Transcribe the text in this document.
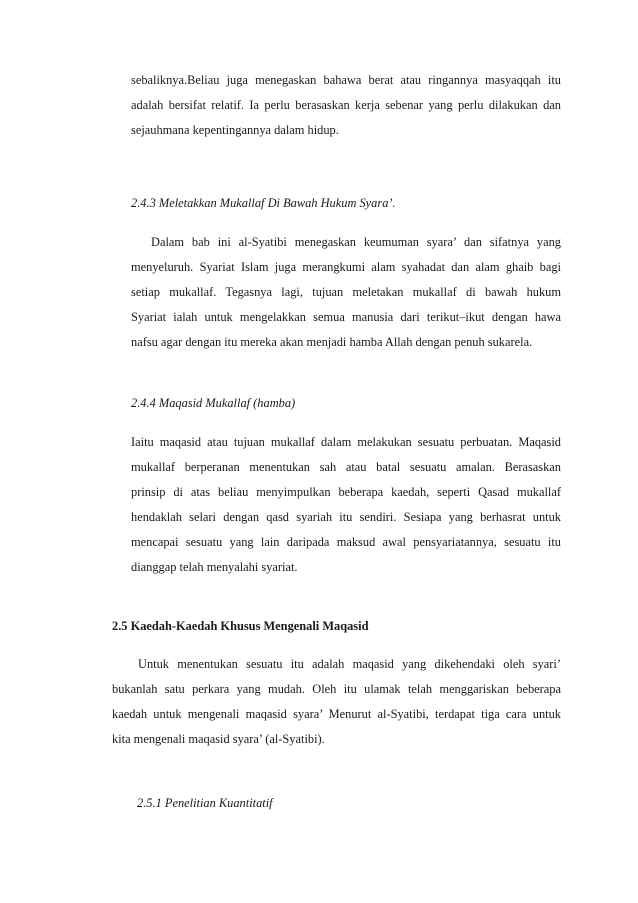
sebaliknya.Beliau juga menegaskan bahawa berat atau ringannya masyaqqah itu
adalah bersifat relatif. Ia perlu berasaskan kerja sebenar yang perlu dilakukan dan
sejauhmana kepentingannya dalam hidup.
2.4.3 Meletakkan Mukallaf Di Bawah Hukum Syara’.
Dalam bab ini al-Syatibi menegaskan keumuman syara’ dan sifatnya yang
menyeluruh. Syariat Islam juga merangkumi alam syahadat dan alam ghaib bagi
setiap mukallaf. Tegasnya lagi, tujuan meletakan mukallaf di bawah hukum
Syariat ialah untuk mengelakkan semua manusia dari terikut–ikut dengan hawa
nafsu agar dengan itu mereka akan menjadi hamba Allah dengan penuh sukarela.
2.4.4 Maqasid Mukallaf (hamba)
Iaitu maqasid atau tujuan mukallaf dalam melakukan sesuatu perbuatan. Maqasid
mukallaf berperanan menentukan sah atau batal sesuatu amalan. Berasaskan
prinsip di atas beliau menyimpulkan beberapa kaedah, seperti Qasad mukallaf
hendaklah selari dengan qasd syariah itu sendiri. Sesiapa yang berhasrat untuk
mencapai sesuatu yang lain daripada maksud awal pensyariatannya, sesuatu itu
dianggap telah menyalahi syariat.
2.5 Kaedah-Kaedah Khusus Mengenali Maqasid
Untuk menentukan sesuatu itu adalah maqasid yang dikehendaki oleh syari’
bukanlah satu perkara yang mudah. Oleh itu ulamak telah menggariskan beberapa
kaedah untuk mengenali maqasid syara’ Menurut al-Syatibi, terdapat tiga cara untuk
kita mengenali maqasid syara’ (al-Syatibi).
2.5.1 Penelitian Kuantitatif
